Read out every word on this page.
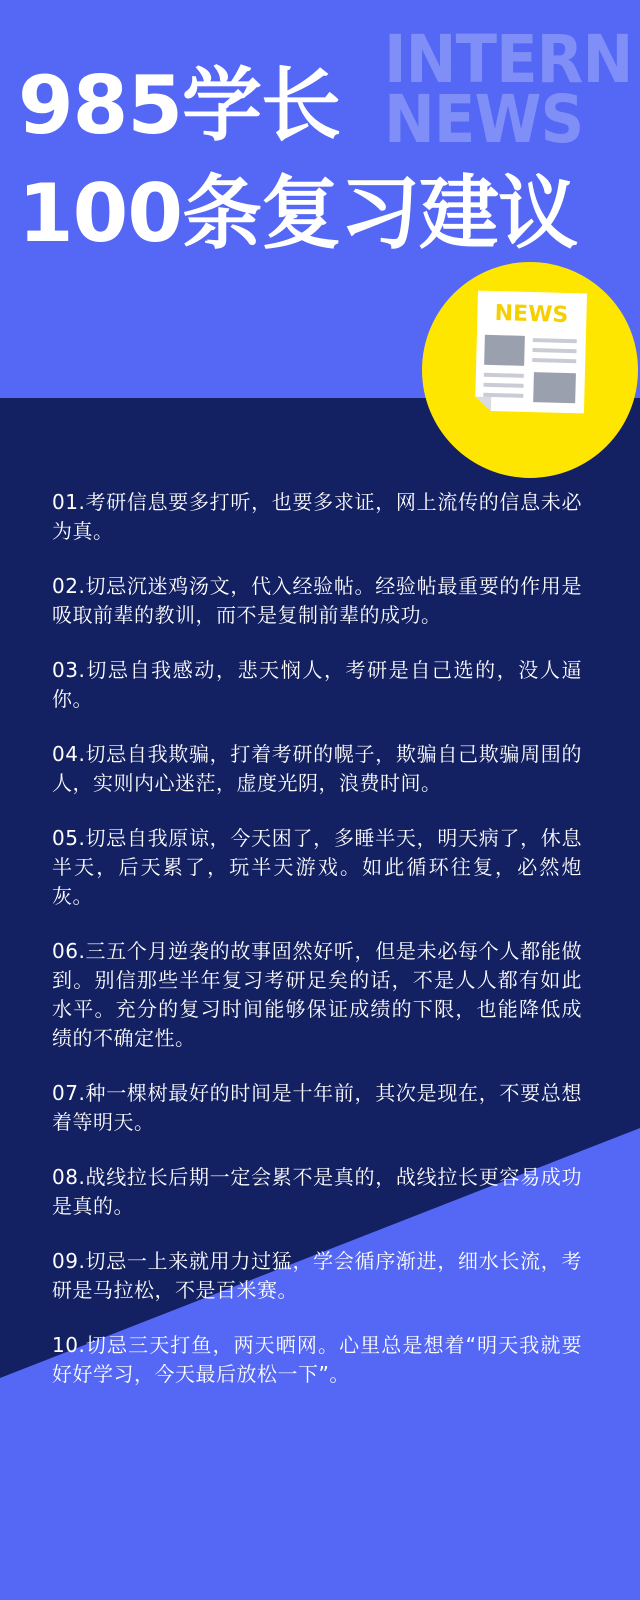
INTERN
NEWS
985学长
100条复习建议
NEWS

01.考研信息要多打听，也要多求证，网上流传的信息未必为真。

02.切忌沉迷鸡汤文，代入经验帖。经验帖最重要的作用是吸取前辈的教训，而不是复制前辈的成功。

03.切忌自我感动，悲天悯人，考研是自己选的，没人逼你。

04.切忌自我欺骗，打着考研的幌子，欺骗自己欺骗周围的人，实则内心迷茫，虚度光阴，浪费时间。

05.切忌自我原谅，今天困了，多睡半天，明天病了，休息半天，后天累了，玩半天游戏。如此循环往复，必然炮灰。

06.三五个月逆袭的故事固然好听，但是未必每个人都能做到。别信那些半年复习考研足矣的话，不是人人都有如此水平。充分的复习时间能够保证成绩的下限，也能降低成绩的不确定性。

07.种一棵树最好的时间是十年前，其次是现在，不要总想着等明天。

08.战线拉长后期一定会累不是真的，战线拉长更容易成功是真的。

09.切忌一上来就用力过猛，学会循序渐进，细水长流，考研是马拉松，不是百米赛。

10.切忌三天打鱼，两天晒网。心里总是想着“明天我就要好好学习，今天最后放松一下”。
